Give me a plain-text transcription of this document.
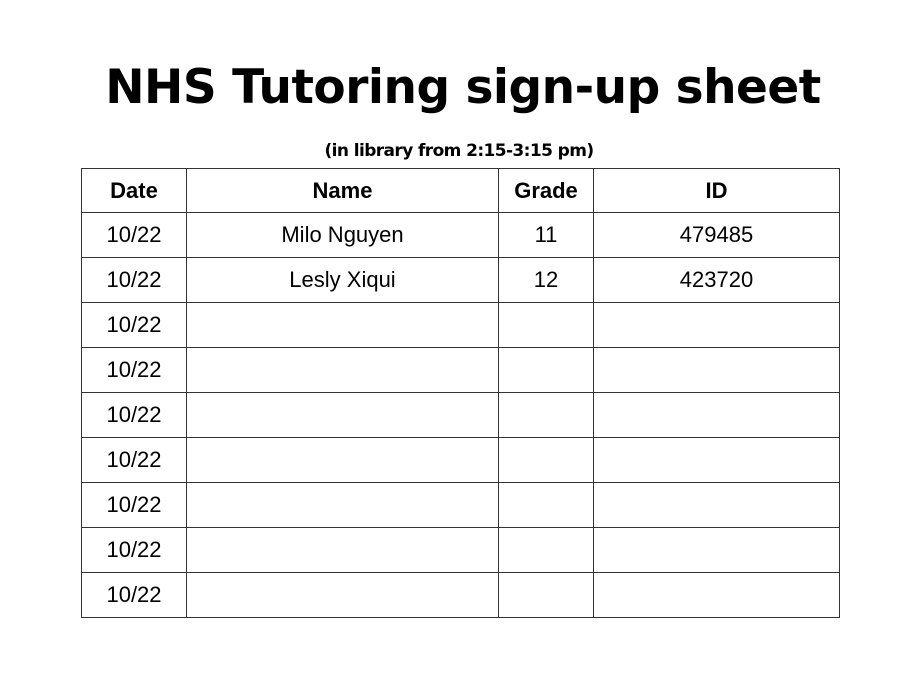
NHS Tutoring sign-up sheet
(in library from 2:15-3:15 pm)
Date	Name	Grade	ID
10/22	Milo Nguyen	11	479485
10/22	Lesly Xiqui	12	423720
10/22			
10/22			
10/22			
10/22			
10/22			
10/22			
10/22			
